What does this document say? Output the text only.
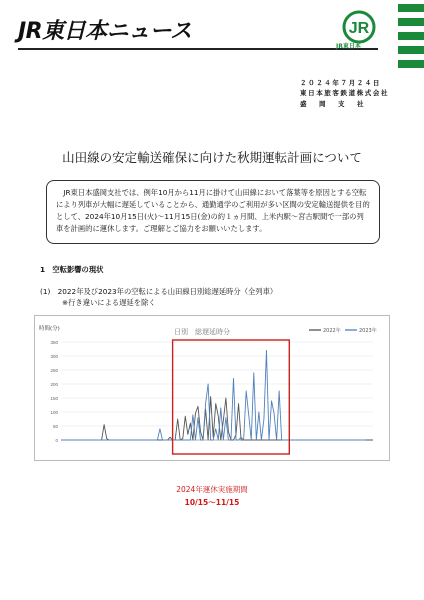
JR東日本ニュース	JR
JR東日本
２０２４年７月２４日
東日本旅客鉄道株式会社
盛　岡　支　社
山田線の安定輸送確保に向けた秋期運転計画について
JR東日本盛岡支社では、例年10月から11月に掛けて山田線において落葉等を原因とする空転により列車が大幅に遅延していることから、通勤通学のご利用が多い区間の安定輸送提供を目的として、2024年10月15日(火)～11月15日(金)の約１ヵ月間、上米内駅～宮古駅間で一部の列車を計画的に運休します。ご理解とご協力をお願いいたします。
1　空転影響の現状
(1)　2022年及び2023年の空転による山田線日別総遅延時分（全列車）
※行き違いによる遅延を除く
0
50
100
150
200
250
300
350
時間(分)	日別　総遅延時分	2022年	2023年
2024年運休実施期間
10/15～11/15
